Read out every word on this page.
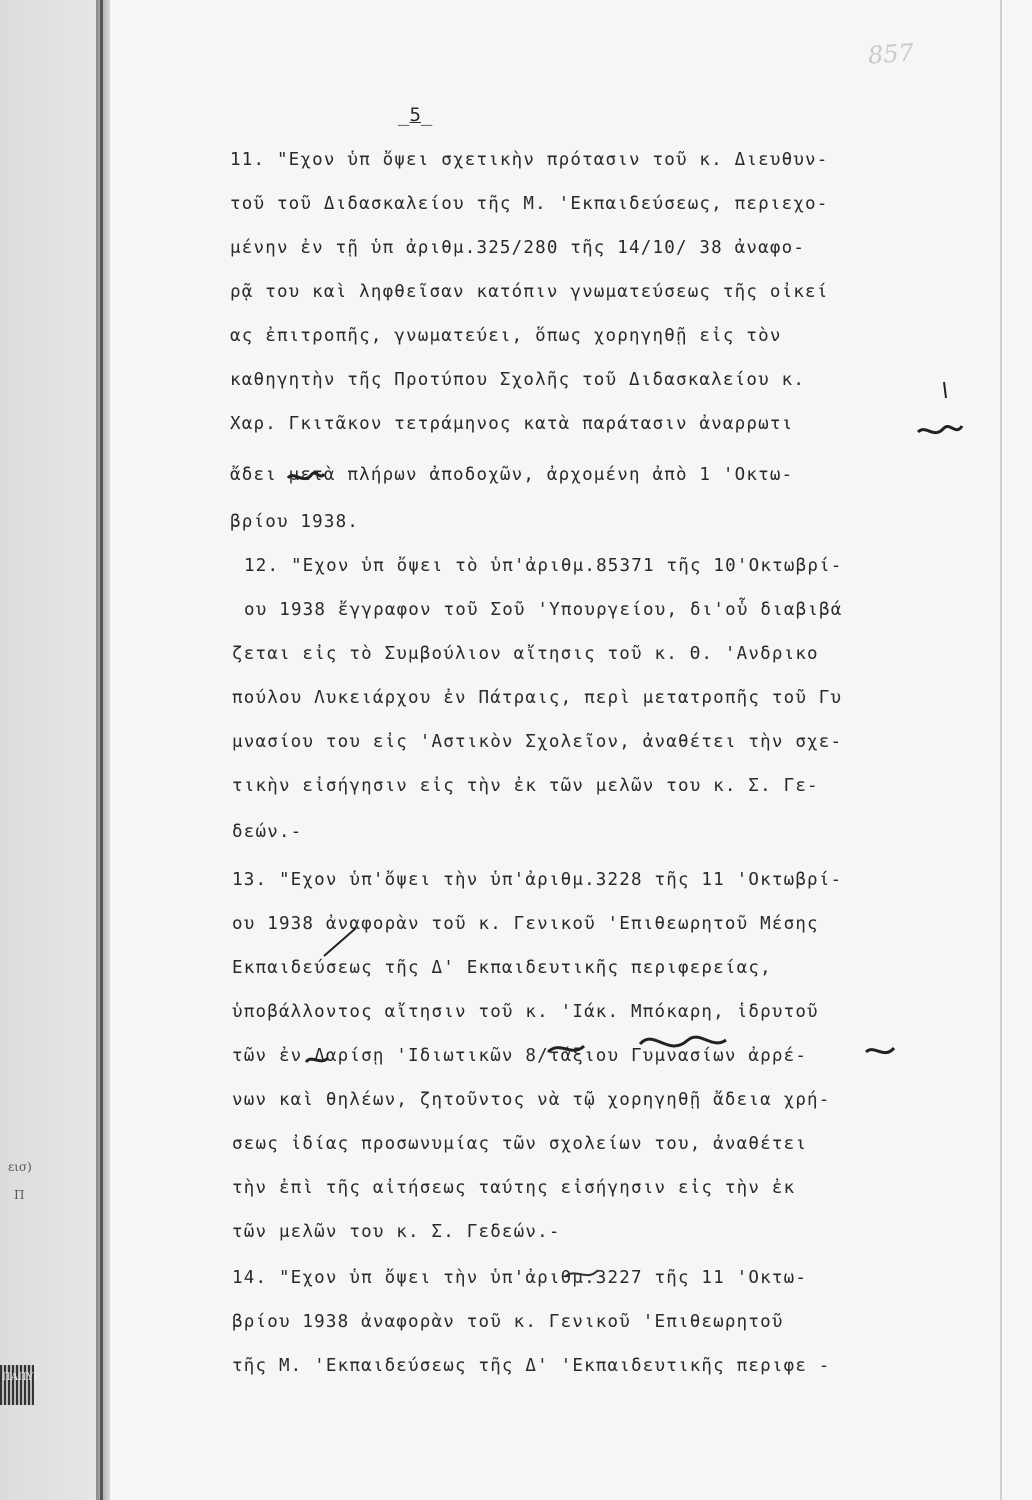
εισ)
Π
ΠΑΠΥΡ
857
_5_
11. "Εχον ὑπ ὄψει σχετικὴν πρότασιν τοῦ κ. Διευθυν-
τοῦ τοῦ Διδασκαλείου τῆς Μ. 'Εκπαιδεύσεως, περιεχο-
μένην ἐν τῇ ὑπ ἀριθμ.325/280 τῆς 14/10/ 38 ἀναφο-
ρᾷ του καὶ ληφθεῖσαν κατόπιν γνωματεύσεως τῆς οἰκεί
ας ἐπιτροπῆς, γνωματεύει, ὅπως χορηγηθῇ εἰς τὸν
καθηγητὴν τῆς Προτύπου Σχολῆς τοῦ Διδασκαλείου κ.
Χαρ. Γκιτᾶκον τετράμηνος κατὰ παράτασιν ἀναρρωτι
ἄδει μετὰ πλήρων ἀποδοχῶν, ἀρχομένη ἀπὸ 1 'Οκτω-
βρίου 1938.
12. "Εχον ὑπ ὄψει τὸ ὑπ'ἀριθμ.85371 τῆς 10'Οκτωβρί-
ου 1938 ἔγγραφον τοῦ Σοῦ 'Υπουργείου, δι'οὗ διαβιβά
ζεται εἰς τὸ Συμβούλιον αἴτησις τοῦ κ. Θ. 'Ανδρικο
πούλου Λυκειάρχου ἐν Πάτραις, περὶ μετατροπῆς τοῦ Γυ
μνασίου του εἰς 'Αστικὸν Σχολεῖον, ἀναθέτει τὴν σχε-
τικὴν εἰσήγησιν εἰς τὴν ἐκ τῶν μελῶν του κ. Σ. Γε-
δεών.-
13. "Εχον ὑπ'ὄψει τὴν ὑπ'ἀριθμ.3228 τῆς 11 'Οκτωβρί-
ου 1938 ἀναφορὰν τοῦ κ. Γενικοῦ 'Επιθεωρητοῦ Μέσης
Εκπαιδεύσεως τῆς Δ' Εκπαιδευτικῆς περιφερείας,
ὑποβάλλοντος αἴτησιν τοῦ κ. 'Ιάκ. Μπόκαρη, ἱδρυτοῦ
τῶν ἐν Λαρίσῃ 'Ιδιωτικῶν 8/τάξιου Γυμνασίων ἀρρέ-
νων καὶ θηλέων, ζητοῦντος νὰ τῷ χορηγηθῇ ἄδεια χρή-
σεως ἰδίας προσωνυμίας τῶν σχολείων του, ἀναθέτει
τὴν ἐπὶ τῆς αἰτήσεως ταύτης εἰσήγησιν εἰς τὴν ἐκ
τῶν μελῶν του κ. Σ. Γεδεών.-
14. "Εχον ὑπ ὄψει τὴν ὑπ'ἀριθμ.3227 τῆς 11 'Οκτω-
βρίου 1938 ἀναφορὰν τοῦ κ. Γενικοῦ 'Επιθεωρητοῦ
τῆς Μ. 'Εκπαιδεύσεως τῆς Δ' 'Εκπαιδευτικῆς περιφε -
